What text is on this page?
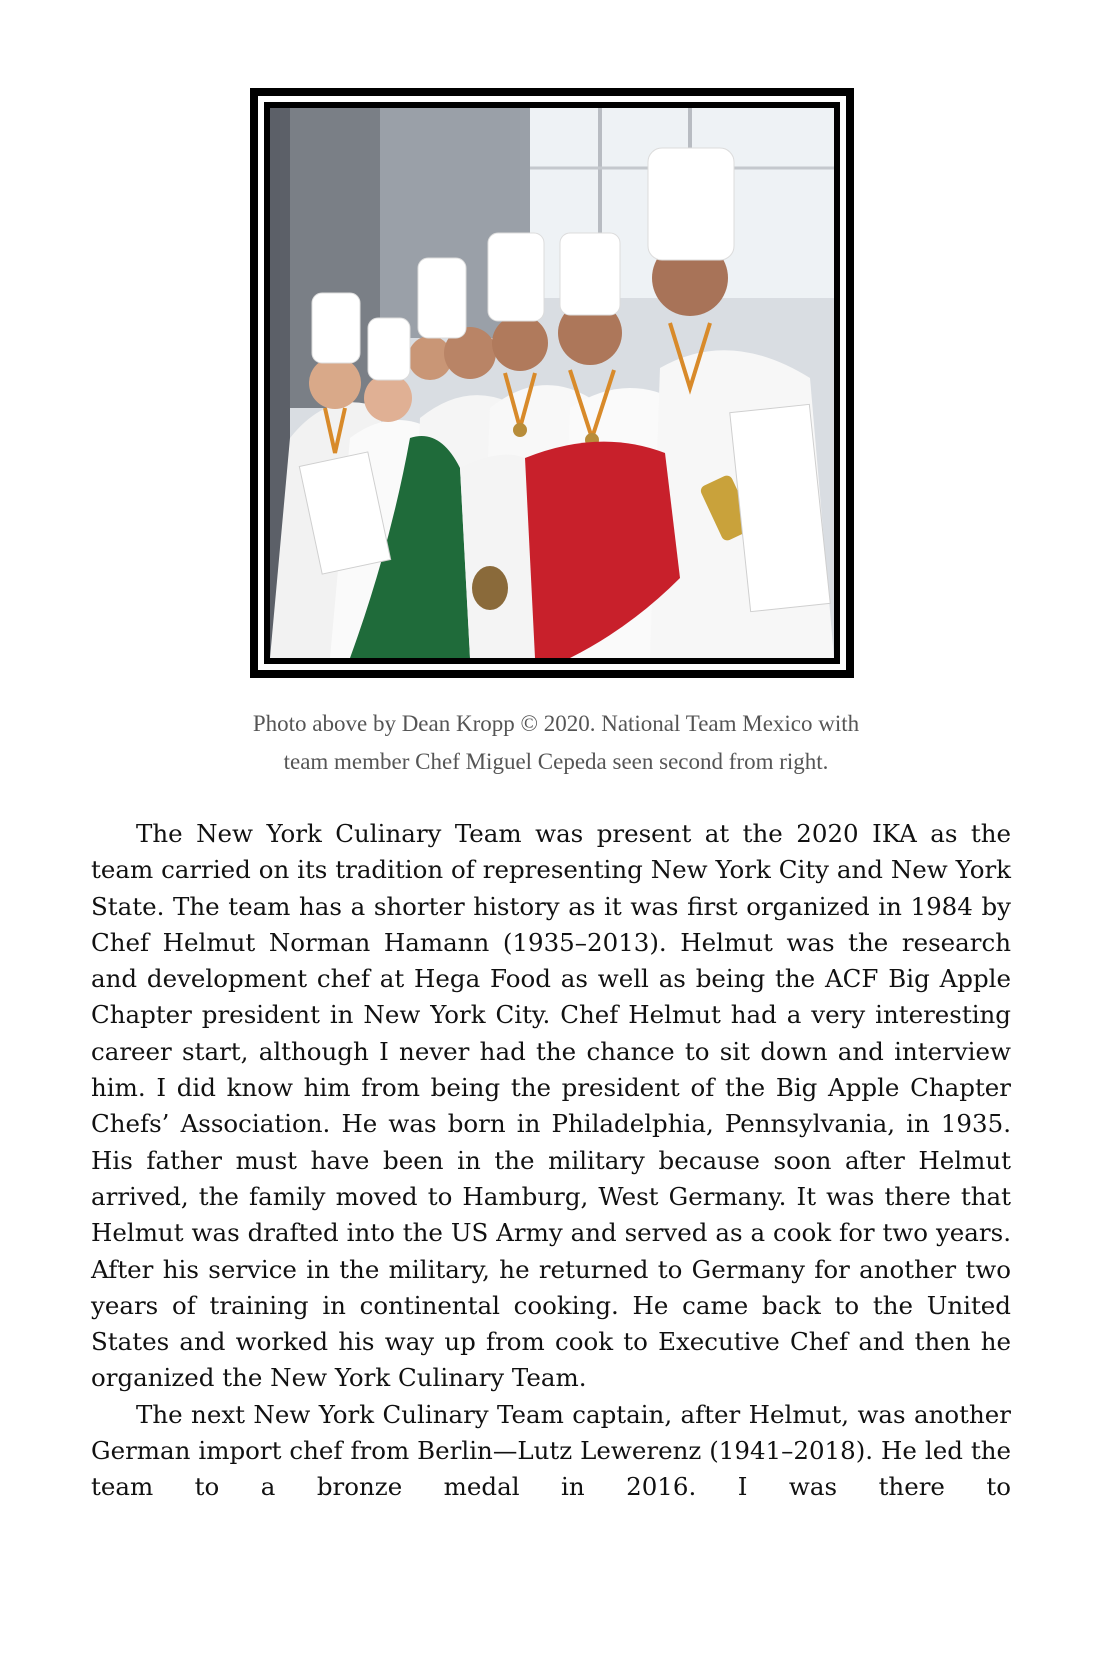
Photo above by Dean Kropp © 2020. National Team Mexico with
team member Chef Miguel Cepeda seen second from right.

The New York Culinary Team was present at the 2020 IKA as the team carried on its tradition of representing New York City and New York State. The team has a shorter history as it was first organized in 1984 by Chef Helmut Norman Hamann (1935–2013). Helmut was the research and development chef at Hega Food as well as being the ACF Big Apple Chapter president in New York City. Chef Helmut had a very interesting career start, although I never had the chance to sit down and interview him. I did know him from being the president of the Big Apple Chapter Chefs’ Association. He was born in Philadelphia, Pennsylvania, in 1935. His father must have been in the military because soon after Helmut arrived, the family moved to Hamburg, West Germany. It was there that Helmut was drafted into the US Army and served as a cook for two years. After his service in the military, he returned to Germany for another two years of training in continental cooking. He came back to the United States and worked his way up from cook to Executive Chef and then he organized the New York Culinary Team.

The next New York Culinary Team captain, after Helmut, was another German import chef from Berlin—Lutz Lewerenz (1941–2018). He led the team to a bronze medal in 2016. I was there to
